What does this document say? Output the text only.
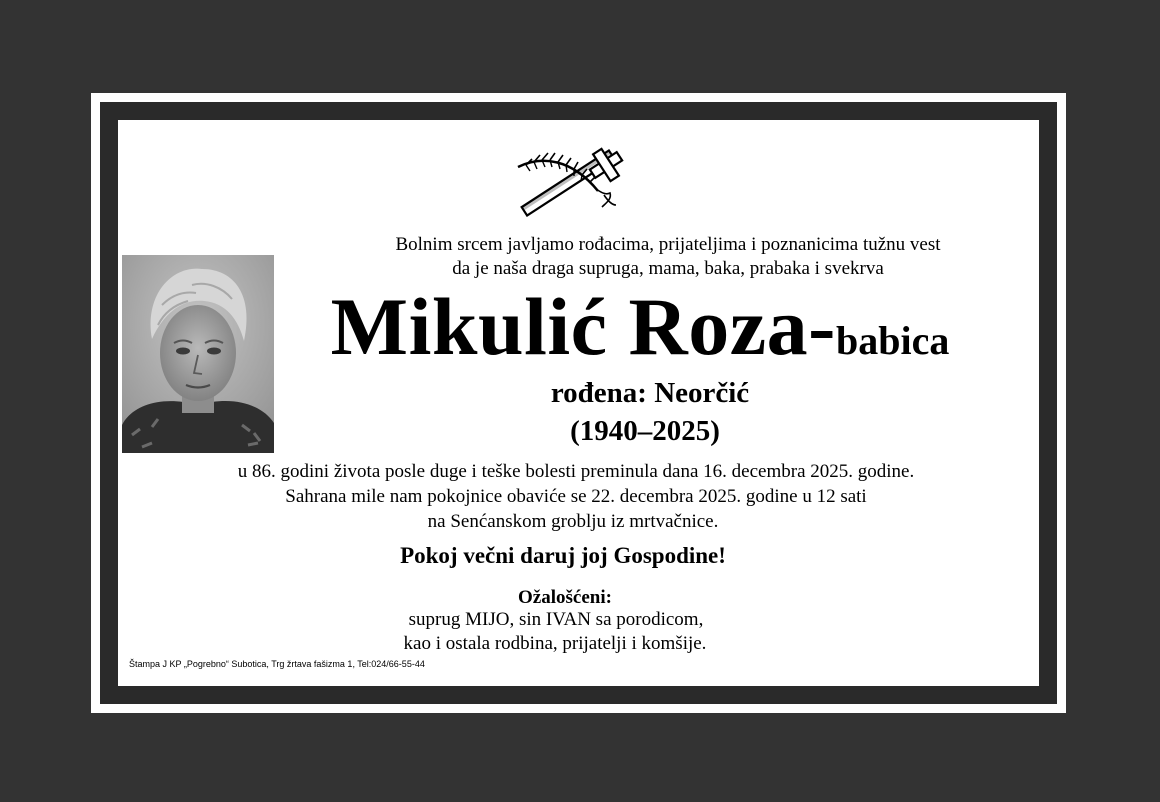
Bolnim srcem javljamo rođacima, prijateljima i poznanicima tužnu vest
da je naša draga supruga, mama, baka, prabaka i svekrva
Mikulić Roza-babica
rođena: Neorčić
(1940–2025)
u 86. godini života posle duge i teške bolesti preminula dana 16. decembra 2025. godine.
Sahrana mile nam pokojnice obaviće se 22. decembra 2025. godine u 12 sati
na Senćanskom groblju iz mrtvačnice.
Pokoj večni daruj joj Gospodine!
Ožalošćeni:
suprug MIJO, sin IVAN sa porodicom,
kao i ostala rodbina, prijatelji i komšije.
Štampa J KP „Pogrebno“ Subotica, Trg žrtava fašizma 1, Tel:024/66-55-44
